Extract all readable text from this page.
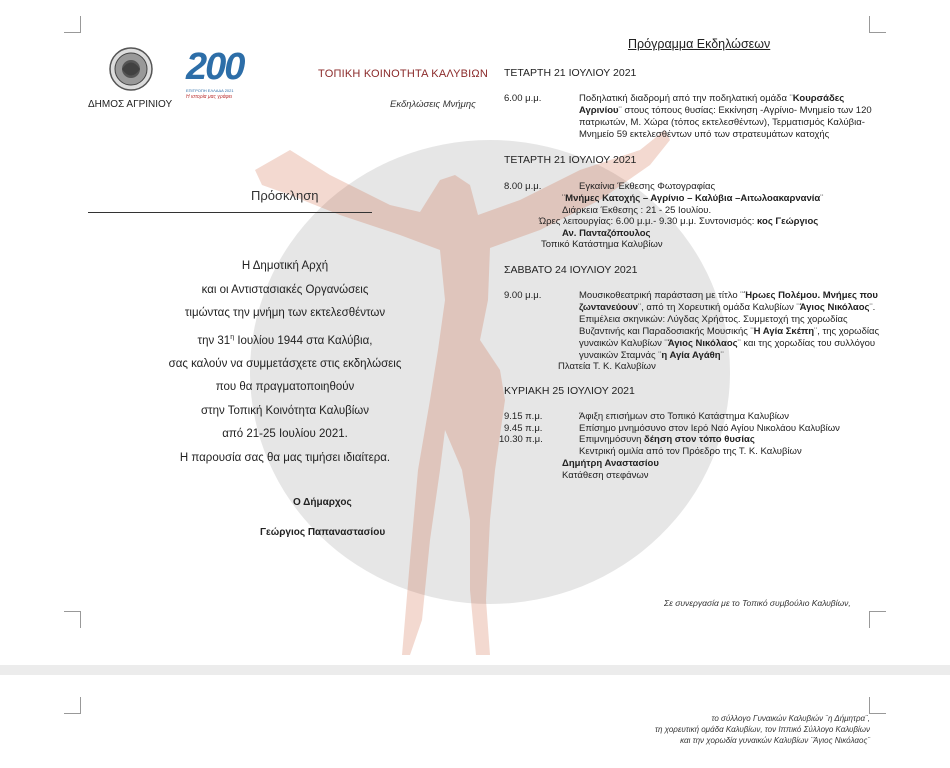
ΔΗΜΟΣ ΑΓΡΙΝΙΟΥ
200
ΕΠΙΤΡΟΠΗ ΕΛΛΑΔΑ 2021
Η ιστορία μας γράφει
ΤΟΠΙΚΗ ΚΟΙΝΟΤΗΤΑ ΚΑΛΥΒΙΩΝ
Εκδηλώσεις Μνήμης
Πρόσκληση
Η Δημοτική Αρχή
και οι Αντιστασιακές Οργανώσεις
τιμώντας την μνήμη των εκτελεσθέντων
την $31^\eta$ Ιουλίου 1944 στα Καλύβια,
σας καλούν να συμμετάσχετε στις εκδηλώσεις
που θα πραγματοποιηθούν
στην Τοπική Κοινότητα Καλυβίων
από 21-25 Ιουλίου 2021.
Η παρουσία σας θα μας τιμήσει ιδιαίτερα.
Ο Δήμαρχος
Γεώργιος Παπαναστασίου
Πρόγραμμα Εκδηλώσεων
ΤΕΤΑΡΤΗ 21 ΙΟΥΛΙΟΥ 2021
6.00 μ.μ.	Ποδηλατική διαδρομή από την ποδηλατική ομάδα ¨Κουρσάδες
Αγρινίου¨ στους τόπους θυσίας: Εκκίνηση -Αγρίνιο- Μνημείο των 120
πατριωτών, Μ. Χώρα (τόπος εκτελεσθέντων), Τερματισμός Καλύβια-
Μνημείο 59 εκτελεσθέντων υπό των στρατευμάτων κατοχής
ΤΕΤΑΡΤΗ 21 ΙΟΥΛΙΟΥ 2021
8.00 μ.μ.	Εγκαίνια Έκθεσης Φωτογραφίας
¨Μνήμες Κατοχής – Αγρίνιο – Καλύβια –Αιτωλοακαρνανία¨
Διάρκεια Έκθεσης : 21 - 25 Ιουλίου.
Ώρες λειτουργίας: 6.00 μ.μ.- 9.30 μ.μ. Συντονισμός: κος Γεώργιος
Αν. Πανταζόπουλος
Τοπικό Κατάστημα Καλυβίων
ΣΑΒΒΑΤΟ 24 ΙΟΥΛΙΟΥ 2021
9.00 μ.μ.	Μουσικοθεατρική παράσταση με τίτλο ¨Ήρωες Πολέμου. Μνήμες που
ζωντανεύουν¨, από τη Χορευτική ομάδα Καλυβίων ¨Άγιος Νικόλαος¨.
Επιμέλεια σκηνικών: Λύγδας Χρήστος. Συμμετοχή της χορωδίας
Βυζαντινής και Παραδοσιακής Μουσικής ¨Η Αγία Σκέπη¨, της χορωδίας
γυναικών Καλυβίων ¨Άγιος Νικόλαος¨ και της χορωδίας του συλλόγου
γυναικών Σταμνάς ¨η Αγία Αγάθη¨
Πλατεία Τ. Κ. Καλυβίων
ΚΥΡΙΑΚΗ 25 ΙΟΥΛΙΟΥ 2021
9.15 π.μ.	Άφιξη επισήμων στο Τοπικό Κατάστημα Καλυβίων
9.45 π.μ.	Επίσημο μνημόσυνο στον Ιερό Ναό Αγίου Νικολάου Καλυβίων
10.30 π.μ.	Επιμνημόσυνη δέηση στον τόπο θυσίας
Κεντρική ομιλία από τον Πρόεδρο της Τ. Κ. Καλυβίων
Δημήτρη Αναστασίου
Κατάθεση στεφάνων
Σε συνεργασία με το Τοπικό συμβούλιο Καλυβίων,
το σύλλογο Γυναικών Καλυβιών ¨η Δήμητρα¨,
τη χορευτική ομάδα Καλυβίων, τον Ιππικό Σύλλογο Καλυβίων
και την χορωδία γυναικών Καλυβίων ¨Άγιος Νικόλαος¨
